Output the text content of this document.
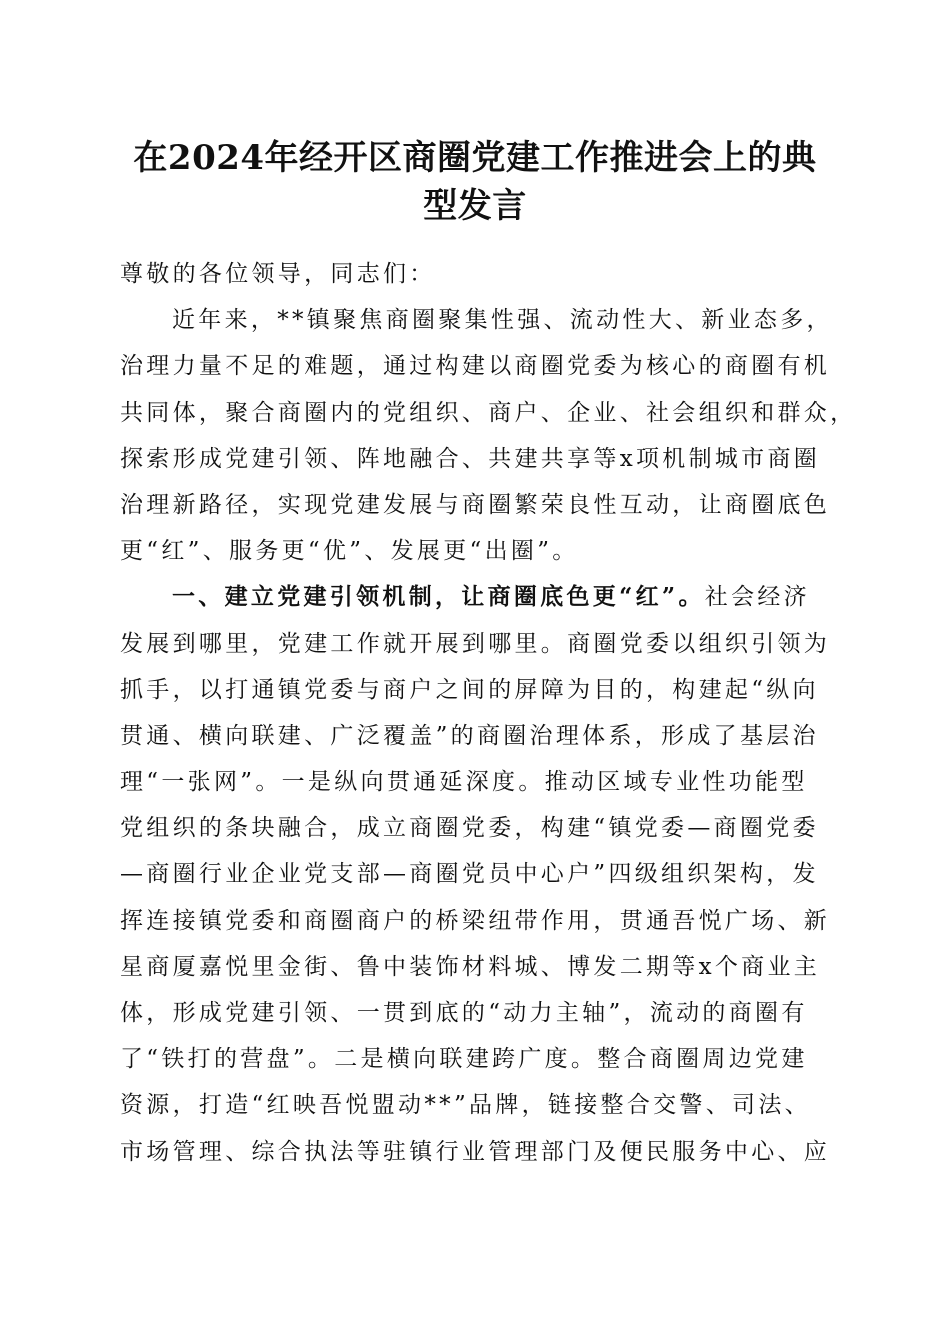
在2024年经开区商圈党建工作推进会上的典
型发言
尊敬的各位领导，同志们：
近年来，**镇聚焦商圈聚集性强、流动性大、新业态多，
治理力量不足的难题，通过构建以商圈党委为核心的商圈有机
共同体，聚合商圈内的党组织、商户、企业、社会组织和群众，
探索形成党建引领、阵地融合、共建共享等x项机制城市商圈
治理新路径，实现党建发展与商圈繁荣良性互动，让商圈底色
更“红”、服务更“优”、发展更“出圈”。
一、建立党建引领机制，让商圈底色更“红”。社会经济
发展到哪里，党建工作就开展到哪里。商圈党委以组织引领为
抓手，以打通镇党委与商户之间的屏障为目的，构建起“纵向
贯通、横向联建、广泛覆盖”的商圈治理体系，形成了基层治
理“一张网”。一是纵向贯通延深度。推动区域专业性功能型
党组织的条块融合，成立商圈党委，构建“镇党委—商圈党委
—商圈行业企业党支部—商圈党员中心户”四级组织架构，发
挥连接镇党委和商圈商户的桥梁纽带作用，贯通吾悦广场、新
星商厦嘉悦里金街、鲁中装饰材料城、博发二期等x个商业主
体，形成党建引领、一贯到底的“动力主轴”，流动的商圈有
了“铁打的营盘”。二是横向联建跨广度。整合商圈周边党建
资源，打造“红映吾悦盟动**”品牌，链接整合交警、司法、
市场管理、综合执法等驻镇行业管理部门及便民服务中心、应
